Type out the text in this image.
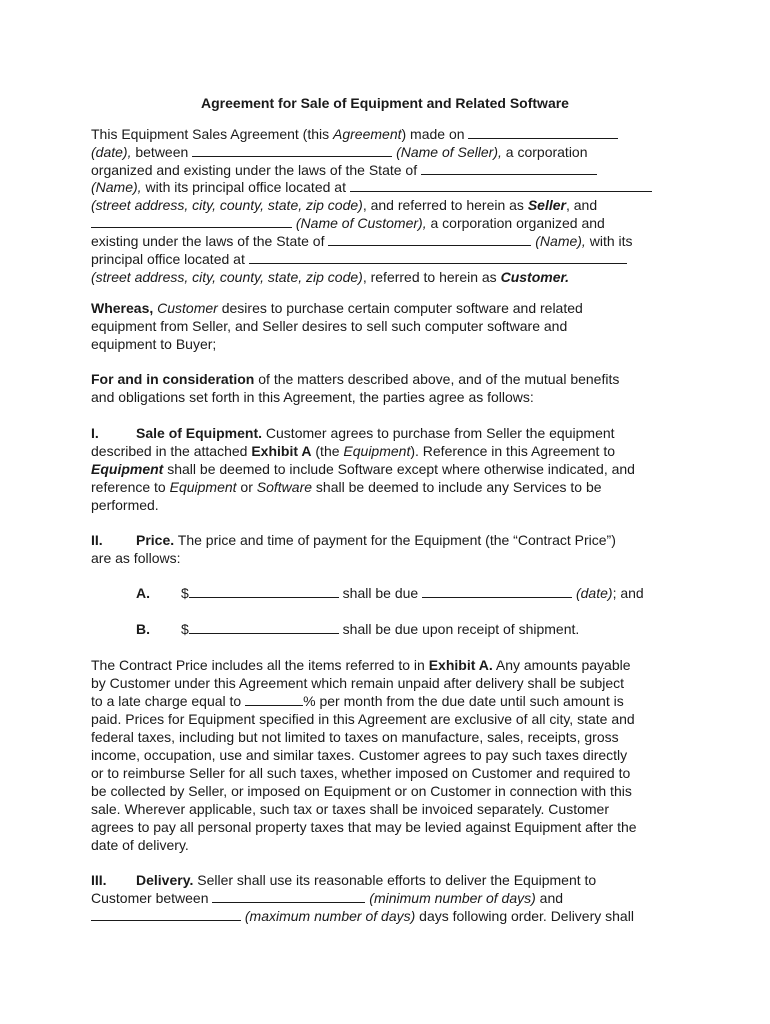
Agreement for Sale of Equipment and Related Software
This Equipment Sales Agreement (this Agreement) made on
(date), between	(Name of Seller), a corporation
organized and existing under the laws of the State of
(Name), with its principal office located at
(street address, city, county, state, zip code), and referred to herein as Seller, and
(Name of Customer), a corporation organized and
existing under the laws of the State of	(Name), with its
principal office located at
(street address, city, county, state, zip code), referred to herein as Customer.
Whereas, Customer desires to purchase certain computer software and related
equipment from Seller, and Seller desires to sell such computer software and
equipment to Buyer;
For and in consideration of the matters described above, and of the mutual benefits
and obligations set forth in this Agreement, the parties agree as follows:
I.	Sale of Equipment. Customer agrees to purchase from Seller the equipment
described in the attached Exhibit A (the Equipment). Reference in this Agreement to
Equipment shall be deemed to include Software except where otherwise indicated, and
reference to Equipment or Software shall be deemed to include any Services to be
performed.
II. Price. The price and time of payment for the Equipment (the “Contract Price”)
are as follows:
A. $	shall be due	(date); and
B. $	shall be due upon receipt of shipment.
The Contract Price includes all the items referred to in Exhibit A. Any amounts payable
by Customer under this Agreement which remain unpaid after delivery shall be subject
to a late charge equal to	% per month from the due date until such amount is
paid. Prices for Equipment specified in this Agreement are exclusive of all city, state and
federal taxes, including but not limited to taxes on manufacture, sales, receipts, gross
income, occupation, use and similar taxes. Customer agrees to pay such taxes directly
or to reimburse Seller for all such taxes, whether imposed on Customer and required to
be collected by Seller, or imposed on Equipment or on Customer in connection with this
sale. Wherever applicable, such tax or taxes shall be invoiced separately. Customer
agrees to pay all personal property taxes that may be levied against Equipment after the
date of delivery.
III. Delivery. Seller shall use its reasonable efforts to deliver the Equipment to
Customer between	(minimum number of days) and
(maximum number of days) days following order. Delivery shall
